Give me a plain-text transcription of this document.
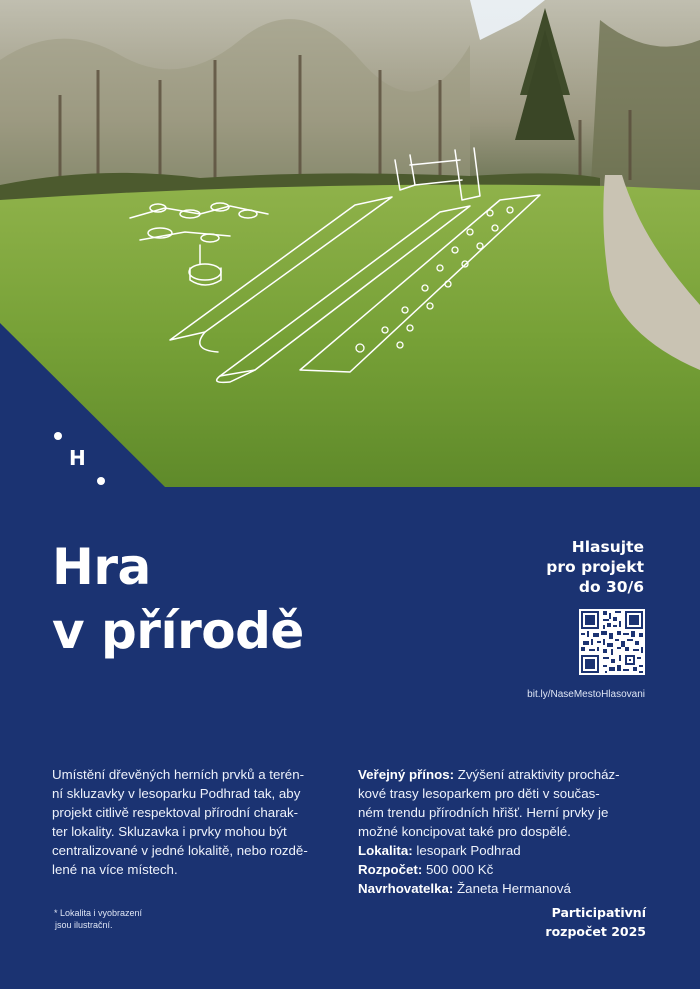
H
Hra
v přírodě
Hlasujte
pro projekt
do 30/6
bit.ly/NaseMestoHlasovani
Umístění dřevěných herních prvků a terén-
ní skluzavky v lesoparku Podhrad tak, aby
projekt citlivě respektoval přírodní charak-
ter lokality. Skluzavka i prvky mohou být
centralizované v jedné lokalitě, nebo rozdě-
lené na více místech.
Veřejný přínos: Zvýšení atraktivity procház-
kové trasy lesoparkem pro děti v součas-
ném trendu přírodních hřišť. Herní prvky je
možné koncipovat také pro dospělé.
Lokalita: lesopark Podhrad
Rozpočet: 500 000 Kč
Navrhovatelka: Žaneta Hermanová
* Lokalita i vyobrazení
jsou ilustrační.
Participativní
rozpočet 2025
